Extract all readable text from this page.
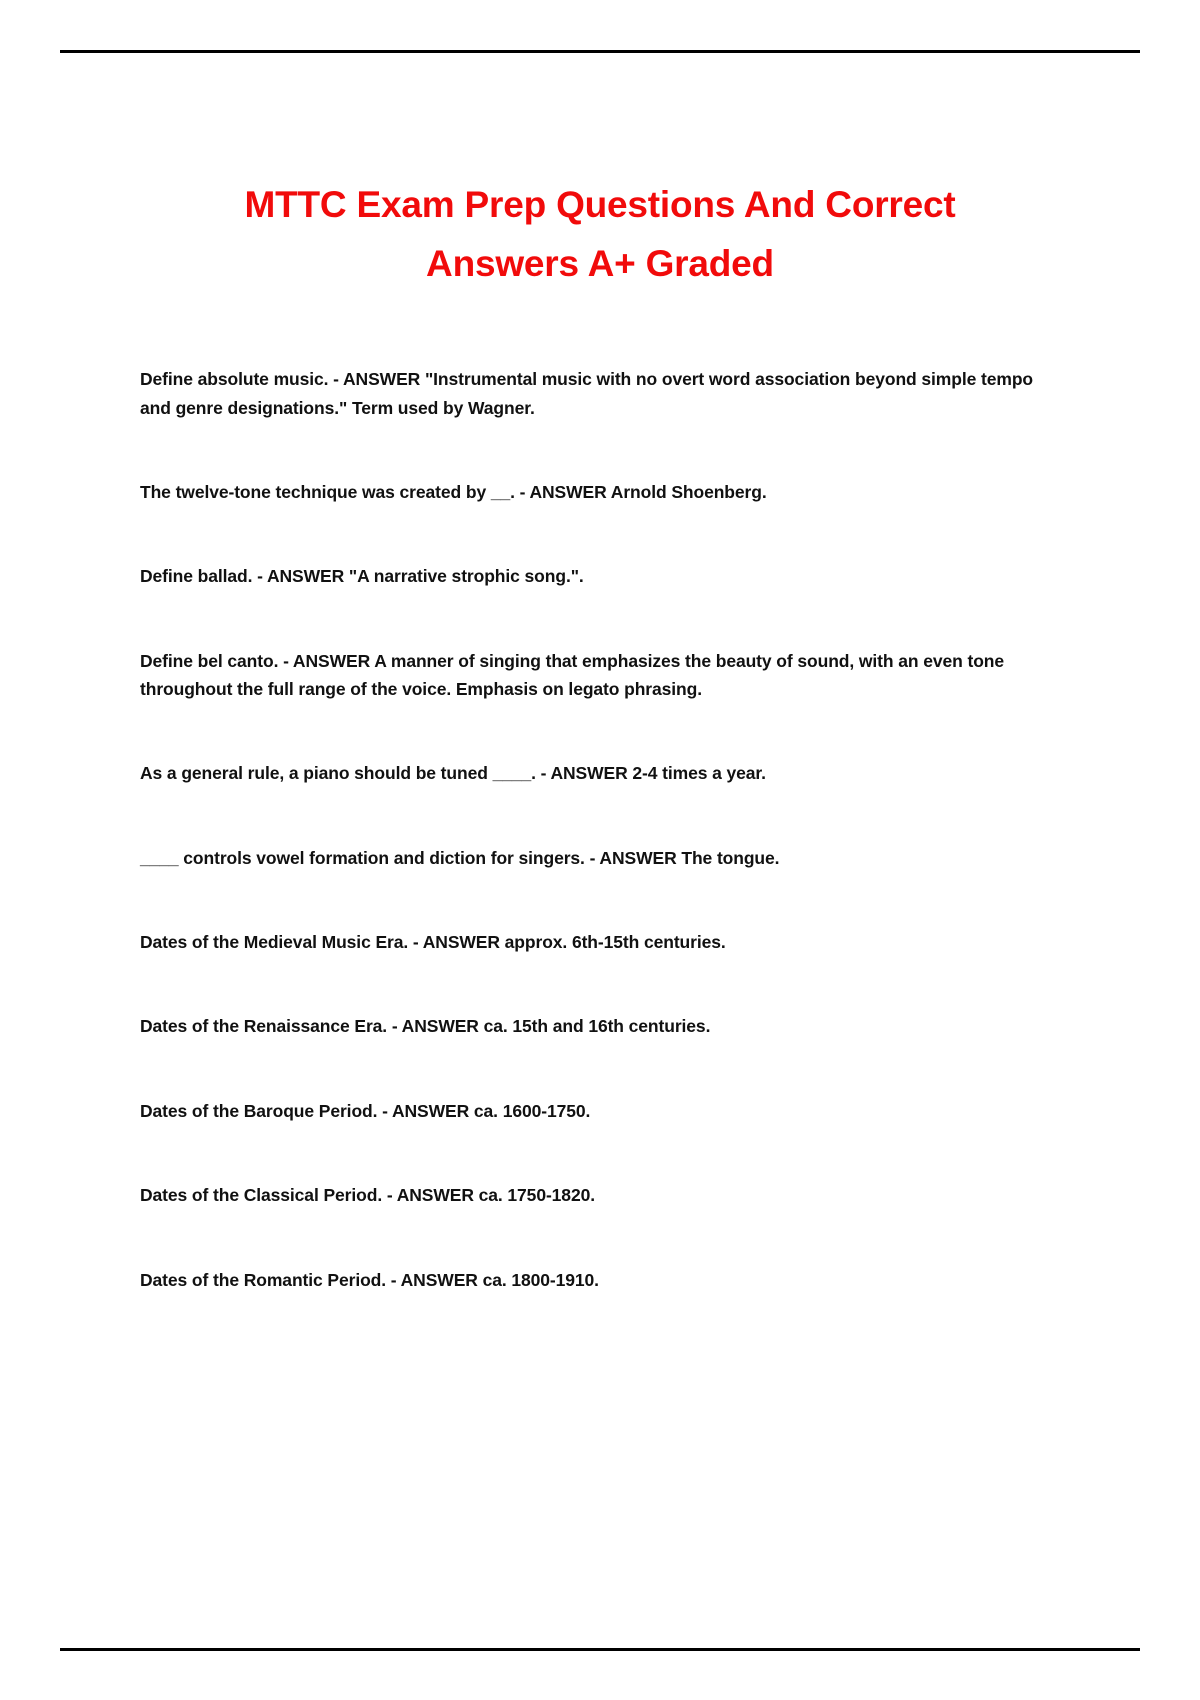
MTTC Exam Prep Questions And Correct Answers A+ Graded

Define absolute music. - ANSWER "Instrumental music with no overt word association beyond simple tempo and genre designations." Term used by Wagner.

The twelve-tone technique was created by __. - ANSWER Arnold Shoenberg.

Define ballad. - ANSWER "A narrative strophic song.".

Define bel canto. - ANSWER A manner of singing that emphasizes the beauty of sound, with an even tone throughout the full range of the voice. Emphasis on legato phrasing.

As a general rule, a piano should be tuned ____. - ANSWER 2-4 times a year.

____ controls vowel formation and diction for singers. - ANSWER The tongue.

Dates of the Medieval Music Era. - ANSWER approx. 6th-15th centuries.

Dates of the Renaissance Era. - ANSWER ca. 15th and 16th centuries.

Dates of the Baroque Period. - ANSWER ca. 1600-1750.

Dates of the Classical Period. - ANSWER ca. 1750-1820.

Dates of the Romantic Period. - ANSWER ca. 1800-1910.
